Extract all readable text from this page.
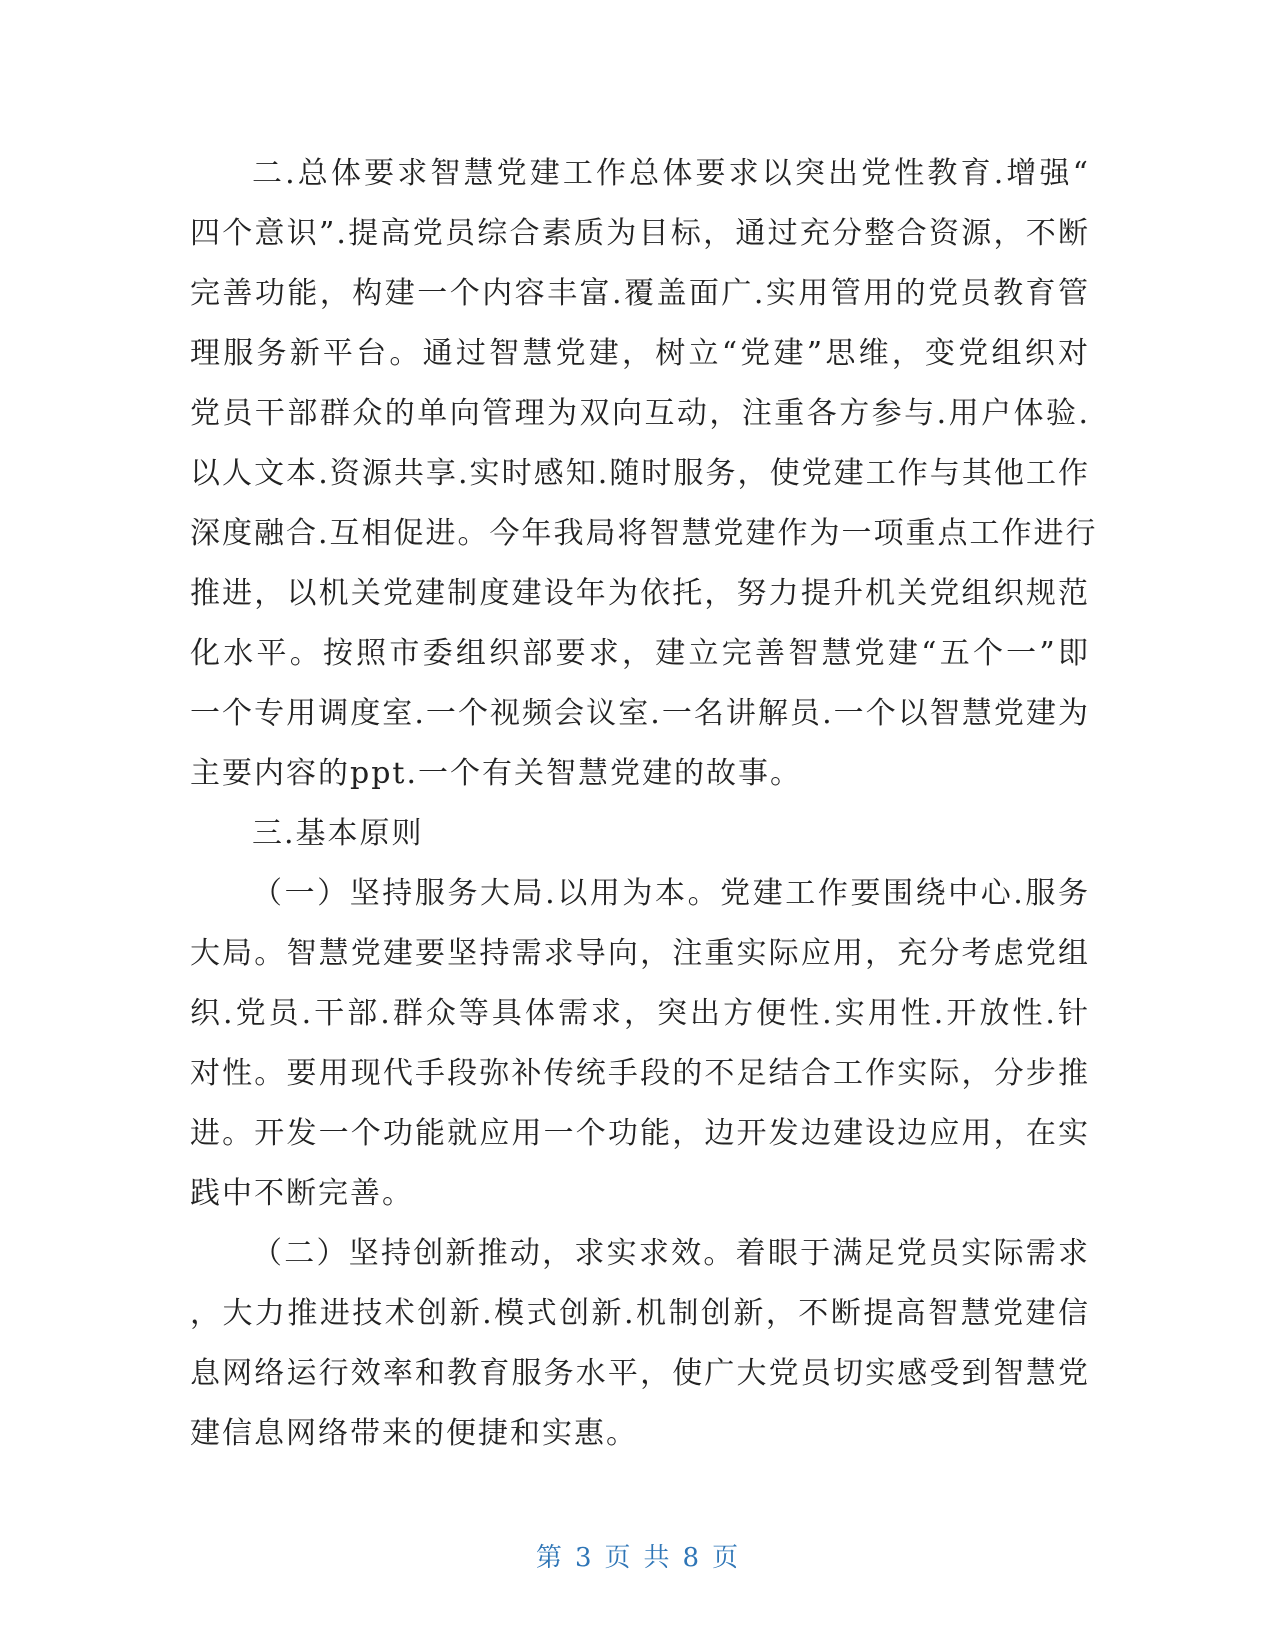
二.总体要求智慧党建工作总体要求以突出党性教育.增强“
四个意识”.提高党员综合素质为目标，通过充分整合资源，不断
完善功能，构建一个内容丰富.覆盖面广.实用管用的党员教育管
理服务新平台。通过智慧党建，树立“党建”思维，变党组织对
党员干部群众的单向管理为双向互动，注重各方参与.用户体验.
以人文本.资源共享.实时感知.随时服务，使党建工作与其他工作
深度融合.互相促进。今年我局将智慧党建作为一项重点工作进行
推进，以机关党建制度建设年为依托，努力提升机关党组织规范
化水平。按照市委组织部要求，建立完善智慧党建“五个一”即
一个专用调度室.一个视频会议室.一名讲解员.一个以智慧党建为
主要内容的ppt.一个有关智慧党建的故事。
三.基本原则
（一）坚持服务大局.以用为本。党建工作要围绕中心.服务
大局。智慧党建要坚持需求导向，注重实际应用，充分考虑党组
织.党员.干部.群众等具体需求，突出方便性.实用性.开放性.针
对性。要用现代手段弥补传统手段的不足结合工作实际，分步推
进。开发一个功能就应用一个功能，边开发边建设边应用，在实
践中不断完善。
（二）坚持创新推动，求实求效。着眼于满足党员实际需求
，大力推进技术创新.模式创新.机制创新，不断提高智慧党建信
息网络运行效率和教育服务水平，使广大党员切实感受到智慧党
建信息网络带来的便捷和实惠。
第 3 页 共 8 页
